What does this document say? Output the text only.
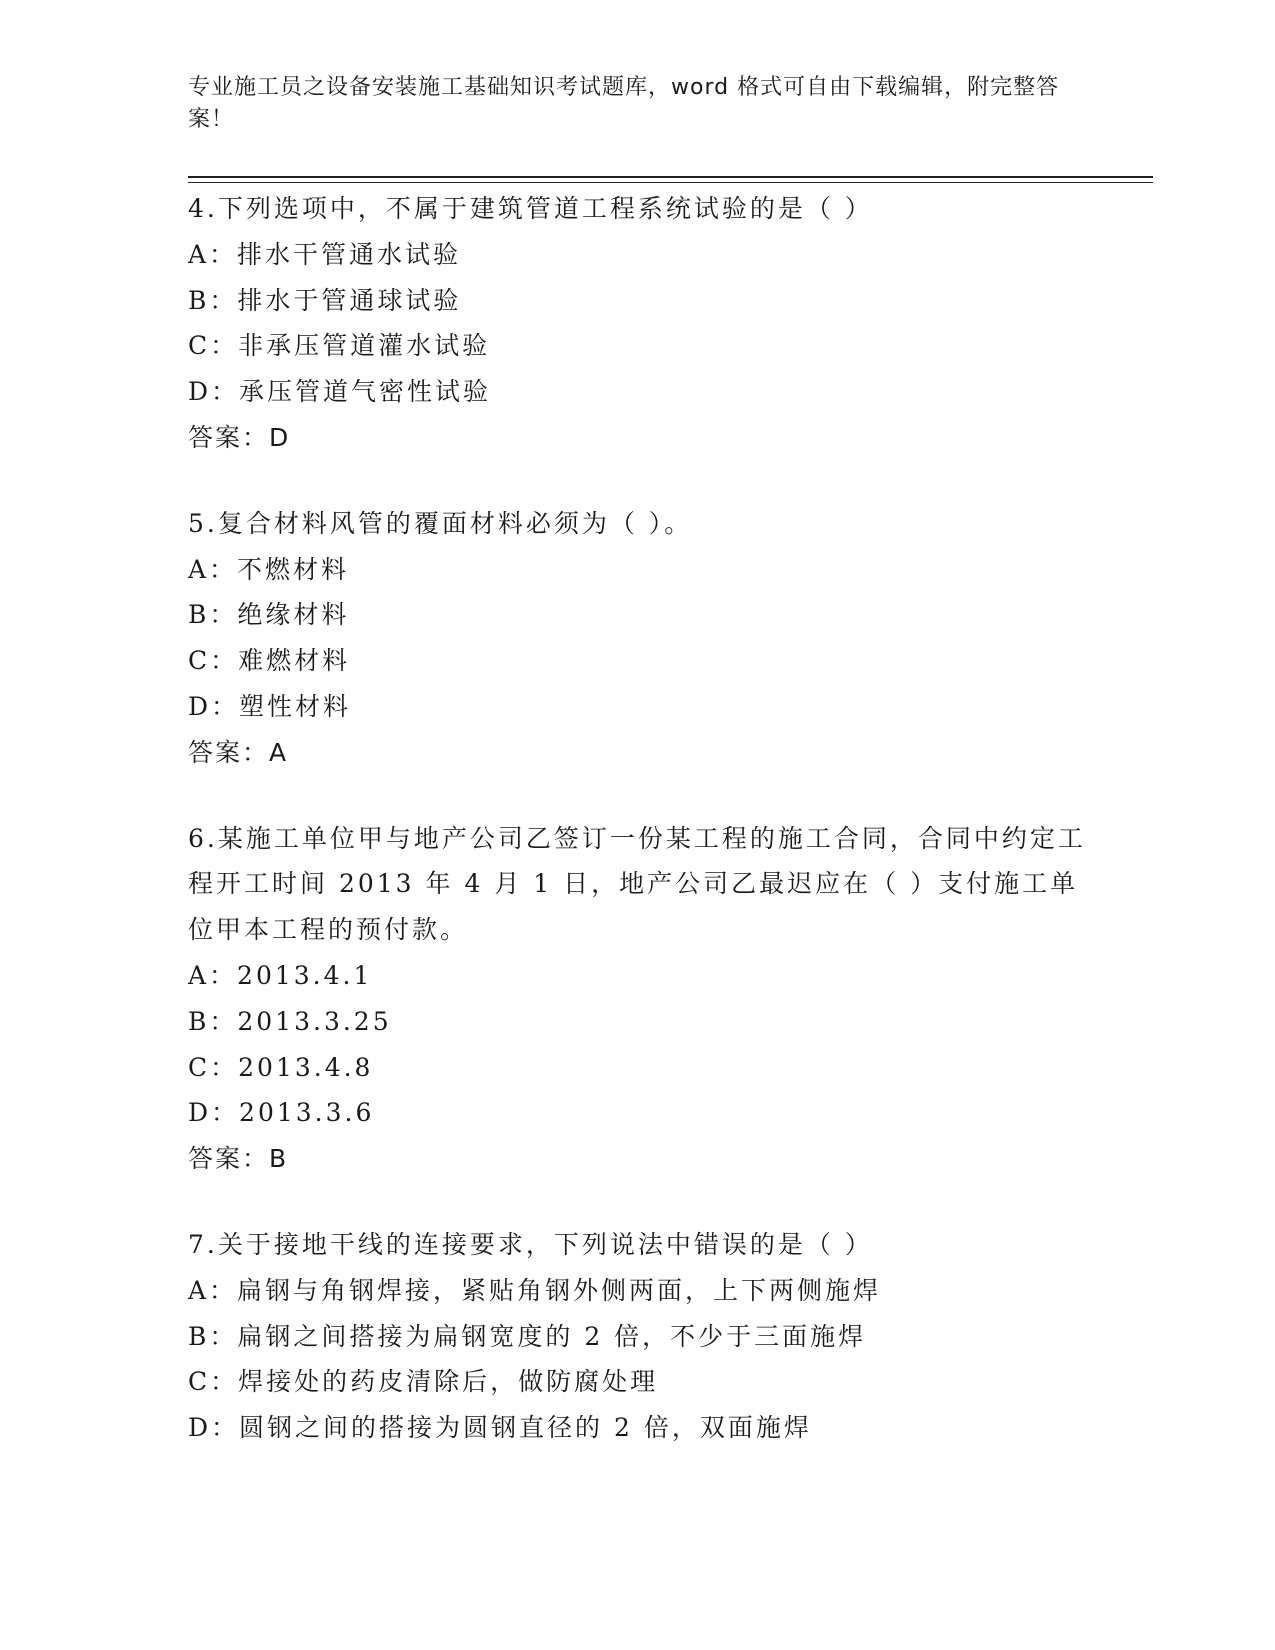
专业施工员之设备安装施工基础知识考试题库，word 格式可自由下载编辑，附完整答案！
4.下列选项中，不属于建筑管道工程系统试验的是（ ）
A：排水干管通水试验
B：排水于管通球试验
C：非承压管道灌水试验
D：承压管道气密性试验
答案：D
5.复合材料风管的覆面材料必须为（ ）。
A：不燃材料
B：绝缘材料
C：难燃材料
D：塑性材料
答案：A
6.某施工单位甲与地产公司乙签订一份某工程的施工合同，合同中约定工程开工时间 2013 年 4 月 1 日，地产公司乙最迟应在（ ）支付施工单位甲本工程的预付款。
A：2013.4.1
B：2013.3.25
C：2013.4.8
D：2013.3.6
答案：B
7.关于接地干线的连接要求，下列说法中错误的是（ ）
A：扁钢与角钢焊接，紧贴角钢外侧两面，上下两侧施焊
B：扁钢之间搭接为扁钢宽度的 2 倍，不少于三面施焊
C：焊接处的药皮清除后，做防腐处理
D：圆钢之间的搭接为圆钢直径的 2 倍，双面施焊
